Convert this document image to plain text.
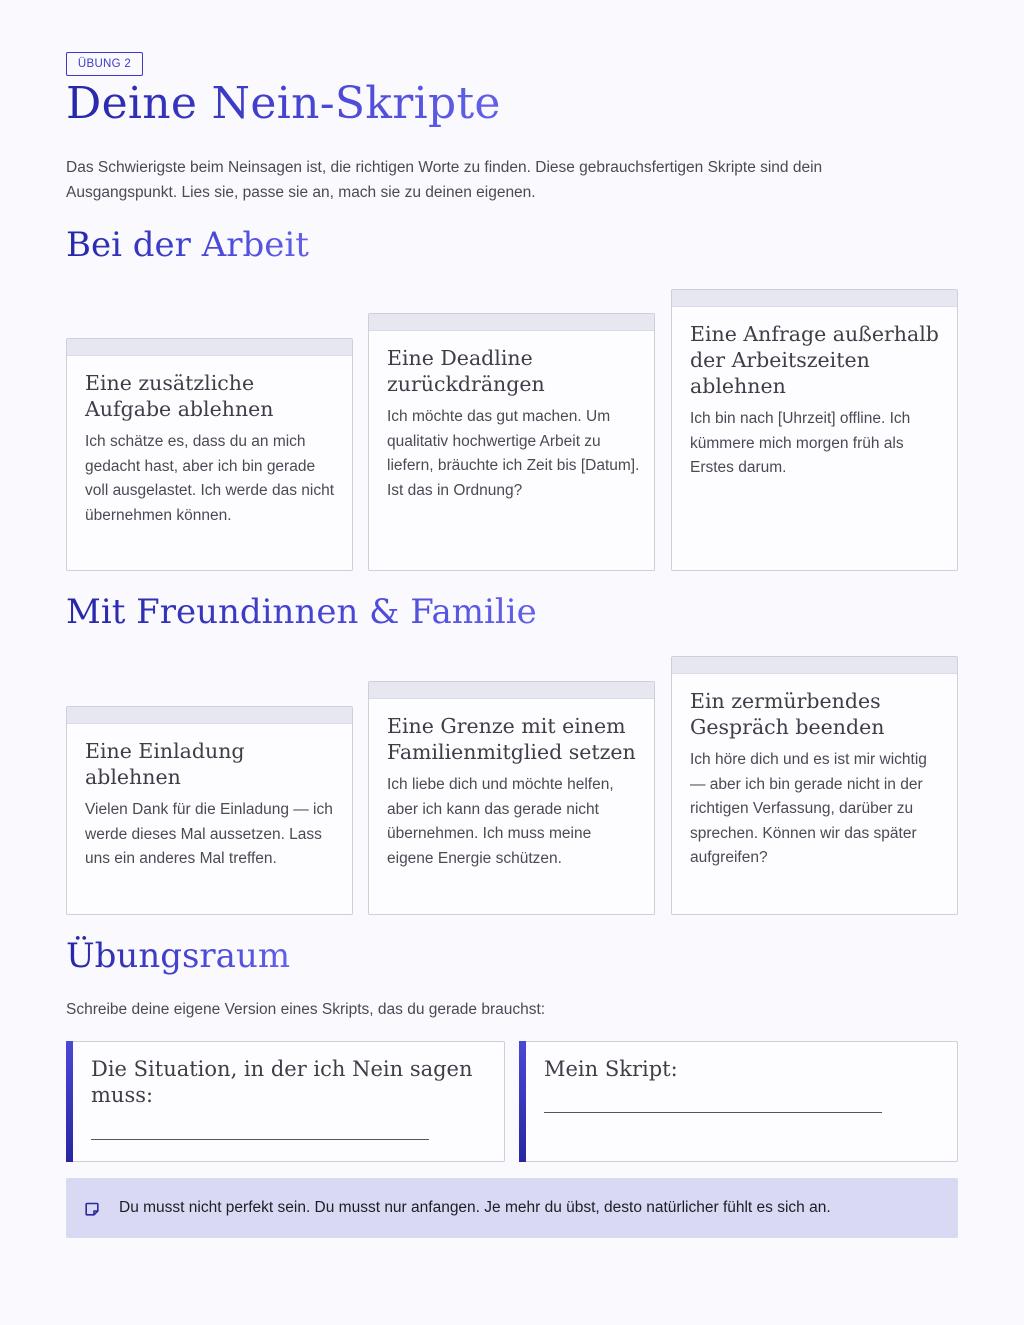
ÜBUNG 2
Deine Nein-Skripte

Das Schwierigste beim Neinsagen ist, die richtigen Worte zu finden. Diese gebrauchsfertigen Skripte sind dein Ausgangspunkt. Lies sie, passe sie an, mach sie zu deinen eigenen.

Bei der Arbeit
Eine zusätzliche Aufgabe ablehnen

Ich schätze es, dass du an mich gedacht hast, aber ich bin gerade voll ausgelastet. Ich werde das nicht übernehmen können.

Eine Deadline zurückdrängen

Ich möchte das gut machen. Um qualitativ hochwertige Arbeit zu liefern, bräuchte ich Zeit bis [Datum]. Ist das in Ordnung?

Eine Anfrage außerhalb der Arbeitszeiten ablehnen

Ich bin nach [Uhrzeit] offline. Ich kümmere mich morgen früh als Erstes darum.

Mit Freundinnen & Familie
Eine Einladung ablehnen

Vielen Dank für die Einladung — ich werde dieses Mal aussetzen. Lass uns ein anderes Mal treffen.

Eine Grenze mit einem Familienmitglied setzen

Ich liebe dich und möchte helfen, aber ich kann das gerade nicht übernehmen. Ich muss meine eigene Energie schützen.

Ein zermürbendes Gespräch beenden

Ich höre dich und es ist mir wichtig — aber ich bin gerade nicht in der richtigen Verfassung, darüber zu sprechen. Können wir das später aufgreifen?

Übungsraum

Schreibe deine eigene Version eines Skripts, das du gerade brauchst:

Die Situation, in der ich Nein sagen muss:
Mein Skript:
Du musst nicht perfekt sein. Du musst nur anfangen. Je mehr du übst, desto natürlicher fühlt es sich an.
